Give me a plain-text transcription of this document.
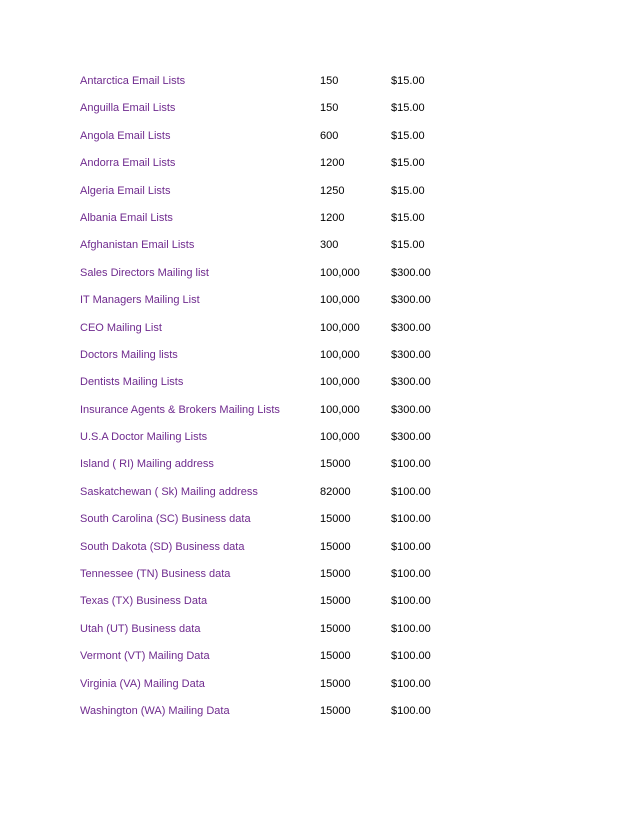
Antarctica Email Lists	150	$15.00
Anguilla Email Lists	150	$15.00
Angola Email Lists	600	$15.00
Andorra Email Lists	1200	$15.00
Algeria Email Lists	1250	$15.00
Albania Email Lists	1200	$15.00
Afghanistan Email Lists	300	$15.00
Sales Directors Mailing list	100,000	$300.00
IT Managers Mailing List	100,000	$300.00
CEO Mailing List	100,000	$300.00
Doctors Mailing lists	100,000	$300.00
Dentists Mailing Lists	100,000	$300.00
Insurance Agents & Brokers Mailing Lists	100,000	$300.00
U.S.A Doctor Mailing Lists	100,000	$300.00
Island ( RI) Mailing address	15000	$100.00
Saskatchewan ( Sk) Mailing address	82000	$100.00
South Carolina (SC) Business data	15000	$100.00
South Dakota (SD) Business data	15000	$100.00
Tennessee (TN) Business data	15000	$100.00
Texas (TX) Business Data	15000	$100.00
Utah (UT) Business data	15000	$100.00
Vermont (VT) Mailing Data	15000	$100.00
Virginia (VA) Mailing Data	15000	$100.00
Washington (WA) Mailing Data	15000	$100.00
